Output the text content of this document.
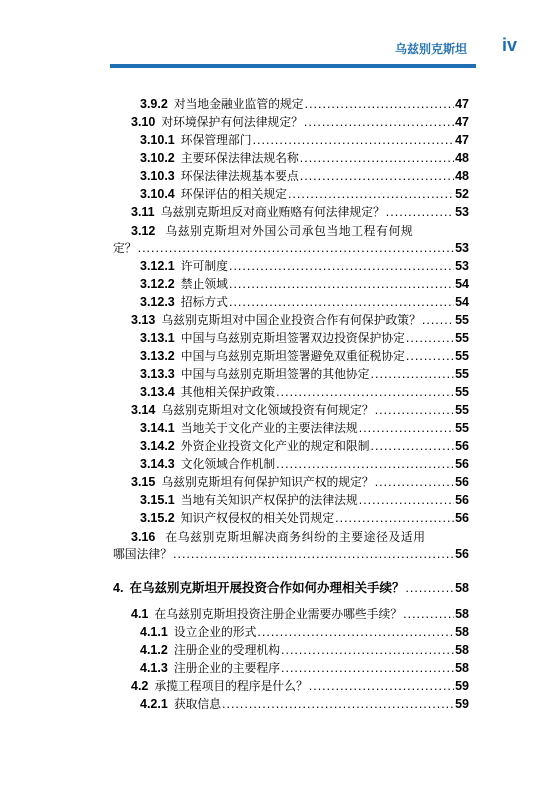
乌兹别克斯坦 iv
3.9.2 对当地金融业监管的规定 .....	47
3.10 对环境保护有何法律规定？ .....	47
3.10.1 环保管理部门 .....	47
3.10.2 主要环保法律法规名称 .....	48
3.10.3 环保法律法规基本要点 .....	48
3.10.4 环保评估的相关规定 .....	52
3.11 乌兹别克斯坦反对商业贿赂有何法律规定？ .....	53
3.12 乌兹别克斯坦对外国公司承包当地工程有何规
定？ .....	53
3.12.1 许可制度 .....	53
3.12.2 禁止领域 .....	54
3.12.3 招标方式 .....	54
3.13 乌兹别克斯坦对中国企业投资合作有何保护政策？ .....	55
3.13.1 中国与乌兹别克斯坦签署双边投资保护协定 .....	55
3.13.2 中国与乌兹别克斯坦签署避免双重征税协定 .....	55
3.13.3 中国与乌兹别克斯坦签署的其他协定 .....	55
3.13.4 其他相关保护政策 .....	55
3.14 乌兹别克斯坦对文化领域投资有何规定？ .....	55
3.14.1 当地关于文化产业的主要法律法规 .....	55
3.14.2 外资企业投资文化产业的规定和限制 .....	56
3.14.3 文化领域合作机制 .....	56
3.15 乌兹别克斯坦有何保护知识产权的规定？ .....	56
3.15.1 当地有关知识产权保护的法律法规 .....	56
3.15.2 知识产权侵权的相关处罚规定 .....	56
3.16 在乌兹别克斯坦解决商务纠纷的主要途径及适用
哪国法律？ .....	56
4. 在乌兹别克斯坦开展投资合作如何办理相关手续？ .....	58
4.1 在乌兹别克斯坦投资注册企业需要办哪些手续？ .....	58
4.1.1 设立企业的形式 .....	58
4.1.2 注册企业的受理机构 .....	58
4.1.3 注册企业的主要程序 .....	58
4.2 承揽工程项目的程序是什么？ .....	59
4.2.1 获取信息 .....	59
